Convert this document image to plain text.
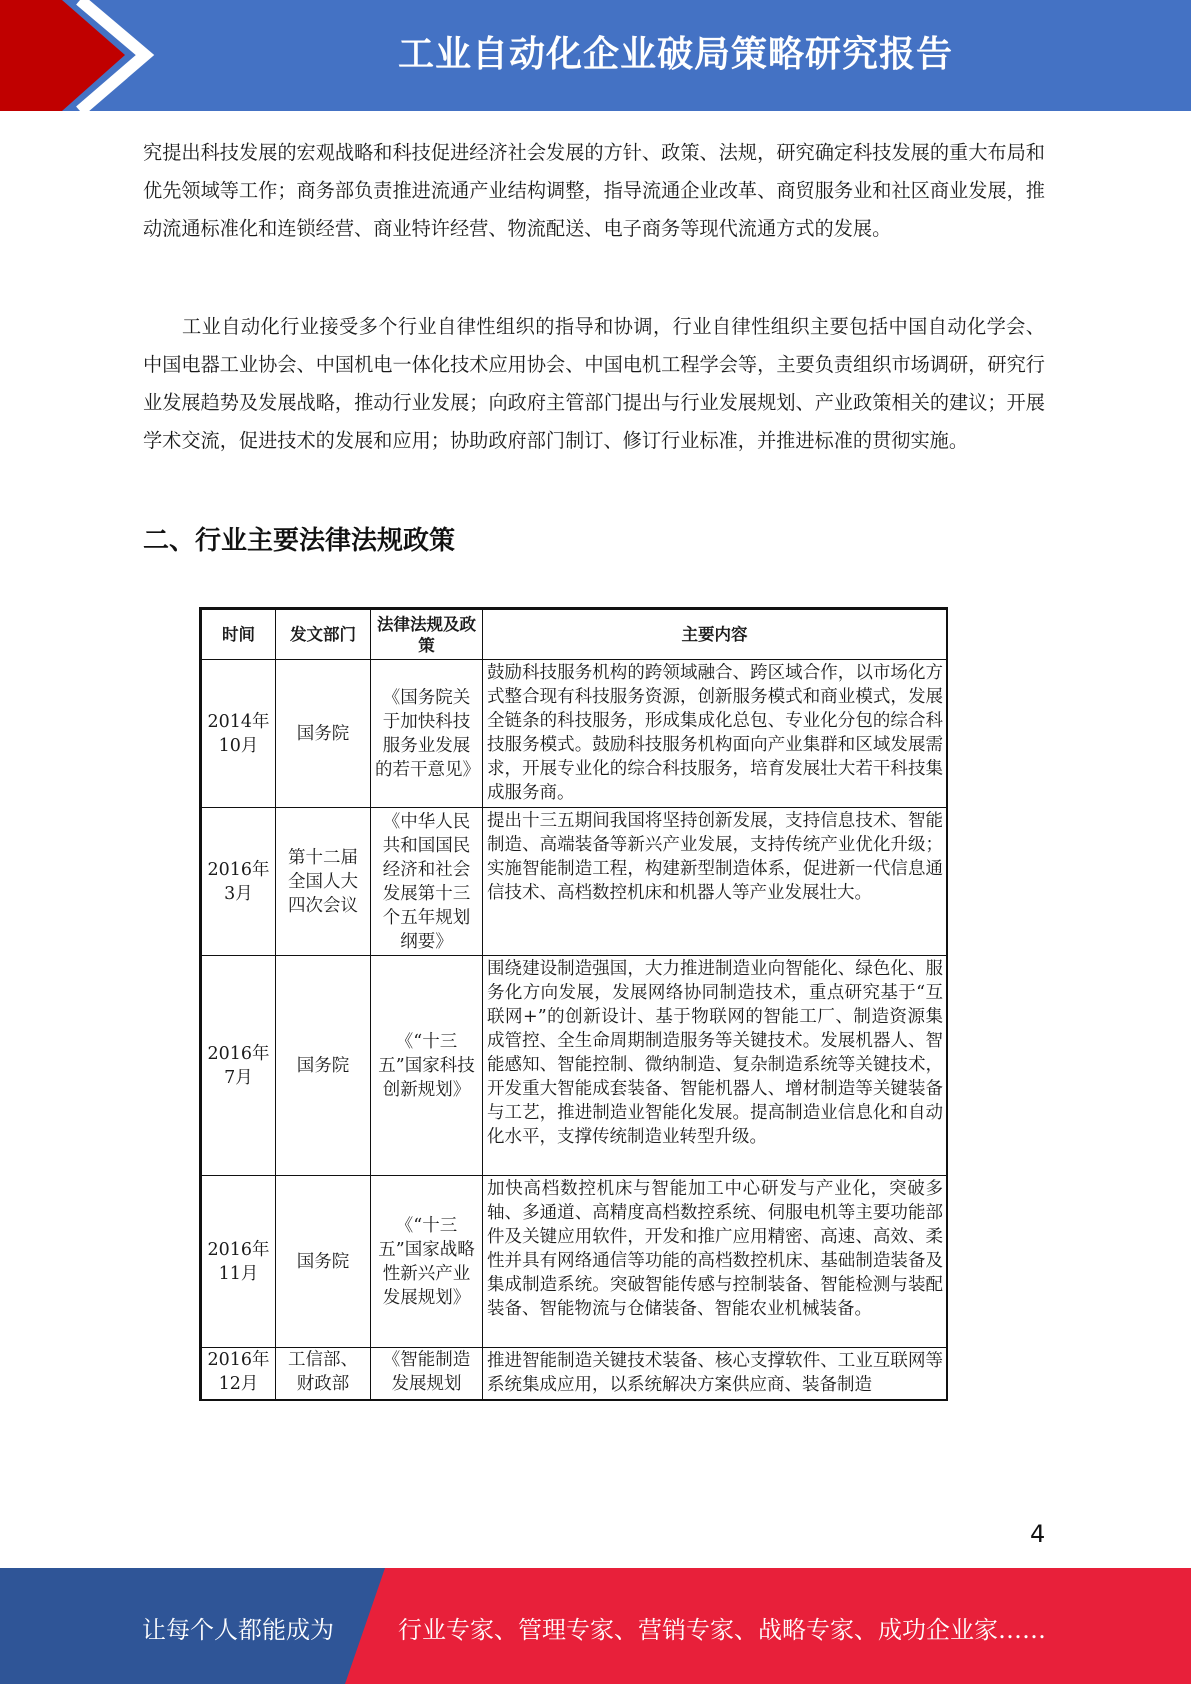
工业自动化企业破局策略研究报告

究提出科技发展的宏观战略和科技促进经济社会发展的方针、政策、法规，研究确定科技发展的重大布局和优先领域等工作；商务部负责推进流通产业结构调整，指导流通企业改革、商贸服务业和社区商业发展，推动流通标准化和连锁经营、商业特许经营、物流配送、电子商务等现代流通方式的发展。

工业自动化行业接受多个行业自律性组织的指导和协调，行业自律性组织主要包括中国自动化学会、中国电器工业协会、中国机电一体化技术应用协会、中国电机工程学会等，主要负责组织市场调研，研究行业发展趋势及发展战略，推动行业发展；向政府主管部门提出与行业发展规划、产业政策相关的建议；开展学术交流，促进技术的发展和应用；协助政府部门制订、修订行业标准，并推进标准的贯彻实施。

二、行业主要法律法规政策
时间	发文部门	法律法规及政策	主要内容
2014年10月	国务院	《国务院关于加快科技服务业发展的若干意见》	鼓励科技服务机构的跨领域融合、跨区域合作，以市场化方式整合现有科技服务资源，创新服务模式和商业模式，发展全链条的科技服务，形成集成化总包、专业化分包的综合科技服务模式。鼓励科技服务机构面向产业集群和区域发展需求，开展专业化的综合科技服务，培育发展壮大若干科技集成服务商。
2016年3月	第十二届全国人大四次会议	《中华人民共和国国民经济和社会发展第十三个五年规划纲要》	提出十三五期间我国将坚持创新发展，支持信息技术、智能制造、高端装备等新兴产业发展，支持传统产业优化升级；实施智能制造工程，构建新型制造体系，促进新一代信息通信技术、高档数控机床和机器人等产业发展壮大。
2016年7月	国务院	《“十三五”国家科技创新规划》	围绕建设制造强国，大力推进制造业向智能化、绿色化、服务化方向发展，发展网络协同制造技术，重点研究基于“互联网+”的创新设计、基于物联网的智能工厂、制造资源集成管控、全生命周期制造服务等关键技术。发展机器人、智能感知、智能控制、微纳制造、复杂制造系统等关键技术，开发重大智能成套装备、智能机器人、增材制造等关键装备与工艺，推进制造业智能化发展。提高制造业信息化和自动化水平，支撑传统制造业转型升级。
2016年11月	国务院	《“十三五”国家战略性新兴产业发展规划》	加快高档数控机床与智能加工中心研发与产业化，突破多轴、多通道、高精度高档数控系统、伺服电机等主要功能部件及关键应用软件，开发和推广应用精密、高速、高效、柔性并具有网络通信等功能的高档数控机床、基础制造装备及集成制造系统。突破智能传感与控制装备、智能检测与装配装备、智能物流与仓储装备、智能农业机械装备。
2016年12月	工信部、财政部	《智能制造发展规划	推进智能制造关键技术装备、核心支撑软件、工业互联网等系统集成应用，以系统解决方案供应商、装备制造
4
让每个人都能成为	行业专家、管理专家、营销专家、战略专家、成功企业家……
